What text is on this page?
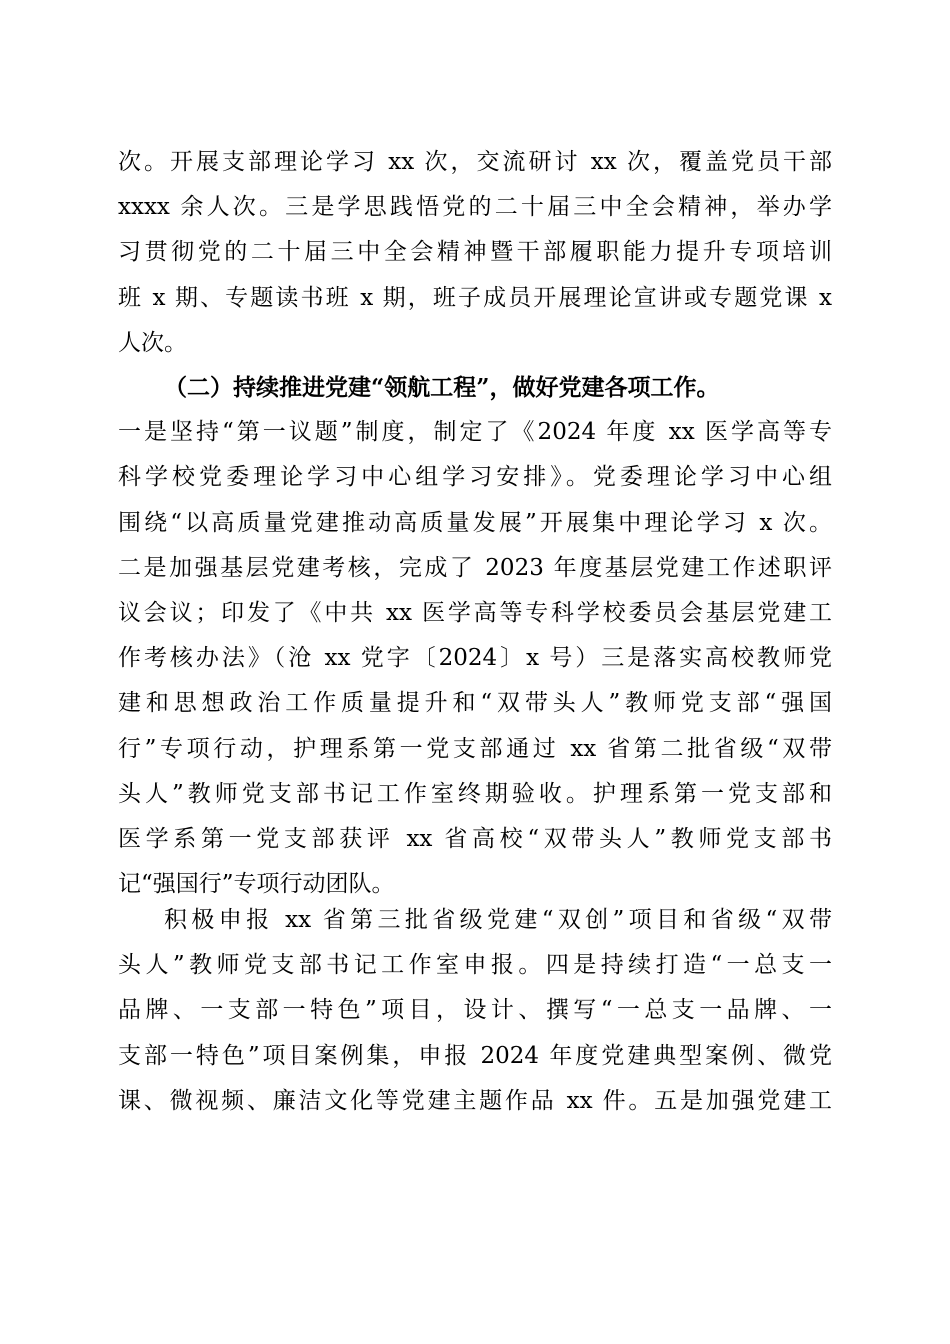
次。开展支部理论学习 xx 次，交流研讨 xx 次，覆盖党员干部
xxxx 余人次。三是学思践悟党的二十届三中全会精神，举办学
习贯彻党的二十届三中全会精神暨干部履职能力提升专项培训
班 x 期、专题读书班 x 期，班子成员开展理论宣讲或专题党课 x
人次。
（二）持续推进党建“领航工程”，做好党建各项工作。
一是坚持“第一议题”制度，制定了《2024 年度 xx 医学高等专
科学校党委理论学习中心组学习安排》。党委理论学习中心组
围绕“以高质量党建推动高质量发展”开展集中理论学习 x 次。
二是加强基层党建考核，完成了 2023 年度基层党建工作述职评
议会议；印发了《中共 xx 医学高等专科学校委员会基层党建工
作考核办法》（沧 xx 党字〔2024〕x 号）三是落实高校教师党
建和思想政治工作质量提升和“双带头人”教师党支部“强国
行”专项行动，护理系第一党支部通过 xx 省第二批省级“双带
头人”教师党支部书记工作室终期验收。护理系第一党支部和
医学系第一党支部获评 xx 省高校“双带头人”教师党支部书
记“强国行”专项行动团队。
积极申报 xx 省第三批省级党建“双创”项目和省级“双带
头人”教师党支部书记工作室申报。四是持续打造“一总支一
品牌、一支部一特色”项目，设计、撰写“一总支一品牌、一
支部一特色”项目案例集，申报 2024 年度党建典型案例、微党
课、微视频、廉洁文化等党建主题作品 xx 件。五是加强党建工
